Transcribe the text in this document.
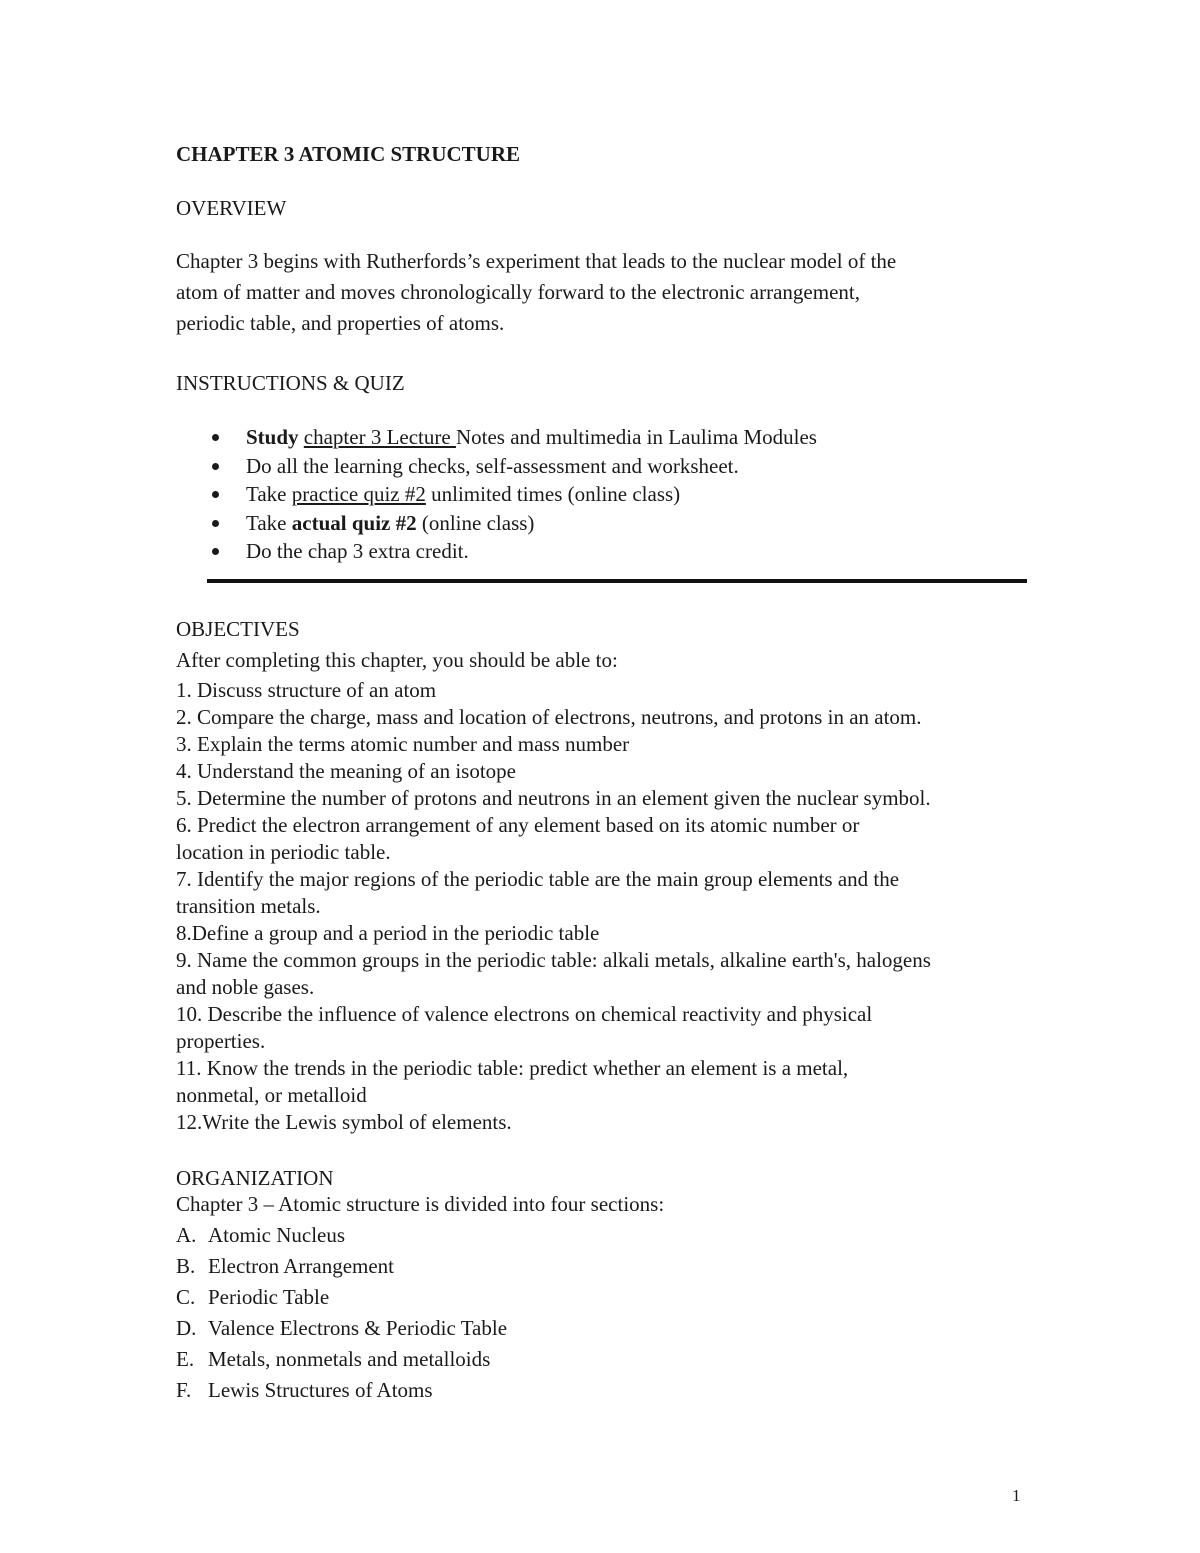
CHAPTER 3 ATOMIC STRUCTURE
OVERVIEW
Chapter 3 begins with Rutherfords’s experiment that leads to the nuclear model of the
atom of matter and moves chronologically forward to the electronic arrangement,
periodic table, and properties of atoms.
INSTRUCTIONS & QUIZ
Study chapter 3 Lecture Notes and multimedia in Laulima Modules
Do all the learning checks, self-assessment and worksheet.
Take practice quiz #2 unlimited times (online class)
Take actual quiz #2 (online class)
Do the chap 3 extra credit.
OBJECTIVES
After completing this chapter, you should be able to:
1. Discuss structure of an atom
2. Compare the charge, mass and location of electrons, neutrons, and protons in an atom.
3. Explain the terms atomic number and mass number
4. Understand the meaning of an isotope
5. Determine the number of protons and neutrons in an element given the nuclear symbol.
6. Predict the electron arrangement of any element based on its atomic number or
location in periodic table.
7. Identify the major regions of the periodic table are the main group elements and the
transition metals.
8.Define a group and a period in the periodic table
9. Name the common groups in the periodic table: alkali metals, alkaline earth's, halogens
and noble gases.
10. Describe the influence of valence electrons on chemical reactivity and physical
properties.
11. Know the trends in the periodic table: predict whether an element is a metal,
nonmetal, or metalloid
12.Write the Lewis symbol of elements.
ORGANIZATION
Chapter 3 – Atomic structure is divided into four sections:
A. Atomic Nucleus
B. Electron Arrangement
C. Periodic Table
D. Valence Electrons & Periodic Table
E. Metals, nonmetals and metalloids
F. Lewis Structures of Atoms
1
